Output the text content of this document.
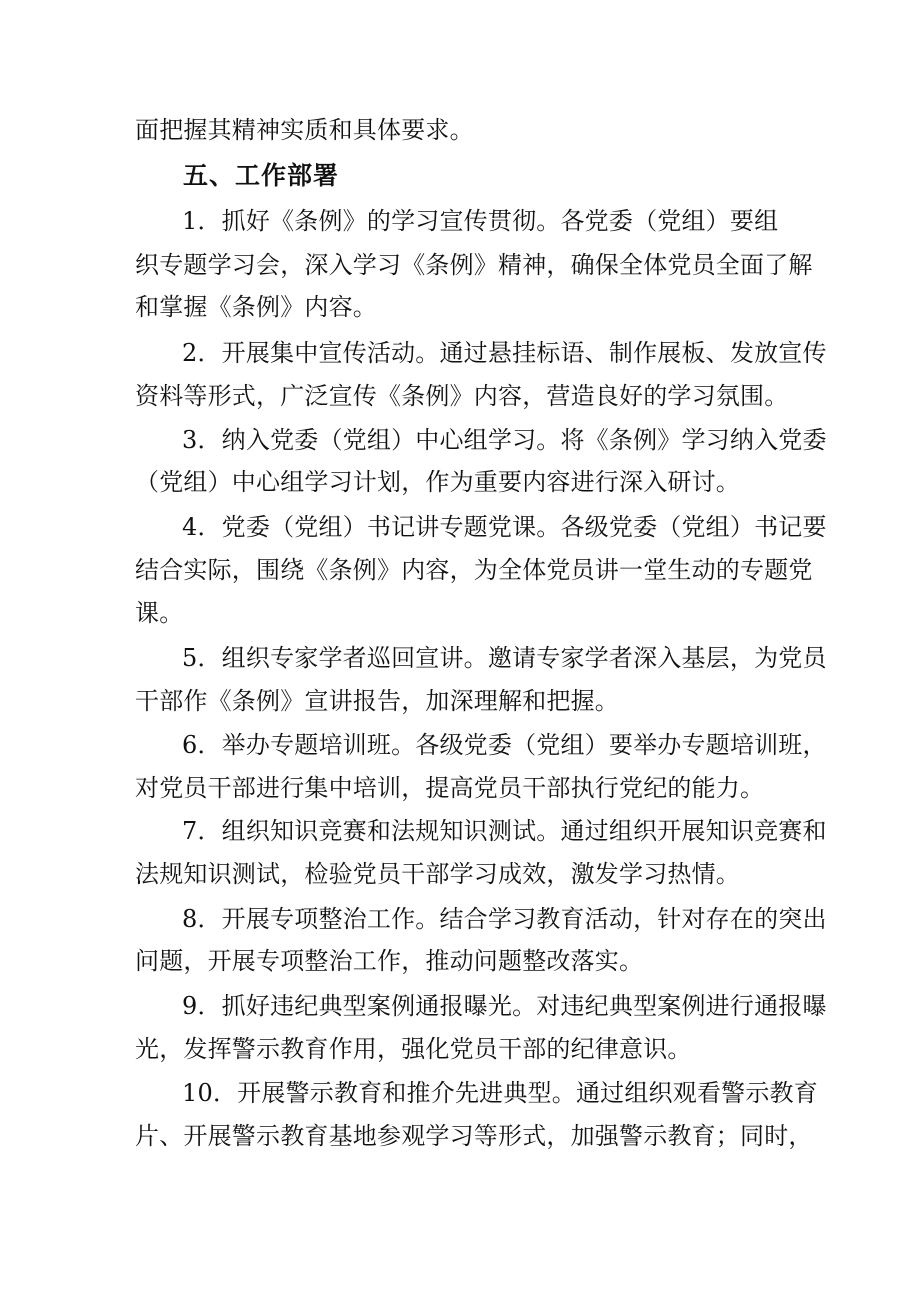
面把握其精神实质和具体要求。
五、工作部署
1．抓好《条例》的学习宣传贯彻。各党委（党组）要组
织专题学习会，深入学习《条例》精神，确保全体党员全面了解
和掌握《条例》内容。
2．开展集中宣传活动。通过悬挂标语、制作展板、发放宣传
资料等形式，广泛宣传《条例》内容，营造良好的学习氛围。
3．纳入党委（党组）中心组学习。将《条例》学习纳入党委
（党组）中心组学习计划，作为重要内容进行深入研讨。
4．党委（党组）书记讲专题党课。各级党委（党组）书记要
结合实际，围绕《条例》内容，为全体党员讲一堂生动的专题党
课。
5．组织专家学者巡回宣讲。邀请专家学者深入基层，为党员
干部作《条例》宣讲报告，加深理解和把握。
6．举办专题培训班。各级党委（党组）要举办专题培训班，
对党员干部进行集中培训，提高党员干部执行党纪的能力。
7．组织知识竞赛和法规知识测试。通过组织开展知识竞赛和
法规知识测试，检验党员干部学习成效，激发学习热情。
8．开展专项整治工作。结合学习教育活动，针对存在的突出
问题，开展专项整治工作，推动问题整改落实。
9．抓好违纪典型案例通报曝光。对违纪典型案例进行通报曝
光，发挥警示教育作用，强化党员干部的纪律意识。
10．开展警示教育和推介先进典型。通过组织观看警示教育
片、开展警示教育基地参观学习等形式，加强警示教育；同时，
